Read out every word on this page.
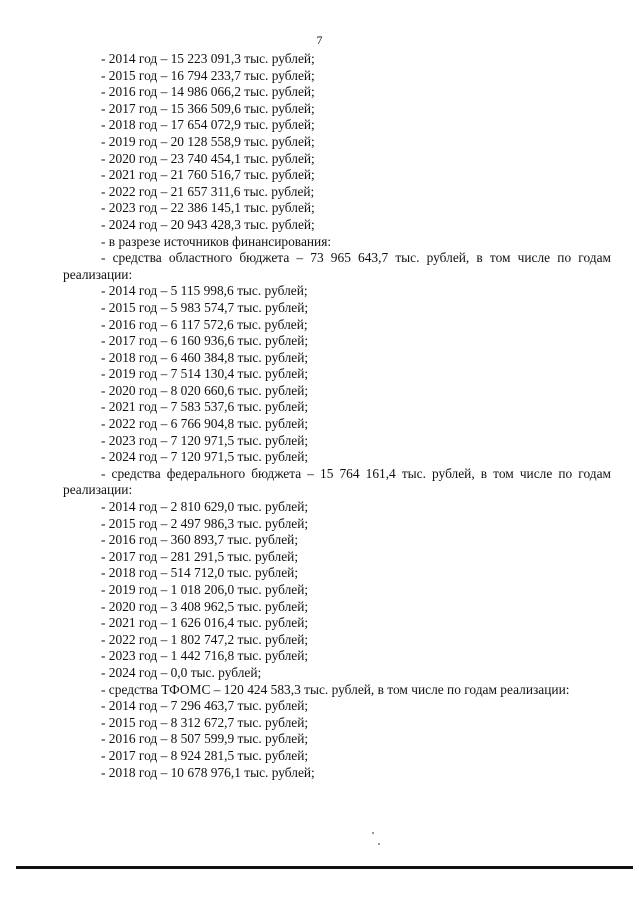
7
- 2014 год – 15 223 091,3 тыс. рублей;
- 2015 год – 16 794 233,7 тыс. рублей;
- 2016 год – 14 986 066,2 тыс. рублей;
- 2017 год – 15 366 509,6 тыс. рублей;
- 2018 год – 17 654 072,9 тыс. рублей;
- 2019 год – 20 128 558,9 тыс. рублей;
- 2020 год – 23 740 454,1 тыс. рублей;
- 2021 год – 21 760 516,7 тыс. рублей;
- 2022 год – 21 657 311,6 тыс. рублей;
- 2023 год – 22 386 145,1 тыс. рублей;
- 2024 год – 20 943 428,3 тыс. рублей;
- в разрезе источников финансирования:
- средства областного бюджета – 73 965 643,7 тыс. рублей, в том числе по годам реализации:
- 2014 год – 5 115 998,6 тыс. рублей;
- 2015 год – 5 983 574,7 тыс. рублей;
- 2016 год – 6 117 572,6 тыс. рублей;
- 2017 год – 6 160 936,6 тыс. рублей;
- 2018 год – 6 460 384,8 тыс. рублей;
- 2019 год – 7 514 130,4 тыс. рублей;
- 2020 год – 8 020 660,6 тыс. рублей;
- 2021 год – 7 583 537,6 тыс. рублей;
- 2022 год – 6 766 904,8 тыс. рублей;
- 2023 год – 7 120 971,5 тыс. рублей;
- 2024 год – 7 120 971,5 тыс. рублей;
- средства федерального бюджета – 15 764 161,4 тыс. рублей, в том числе по годам реализации:
- 2014 год – 2 810 629,0 тыс. рублей;
- 2015 год – 2 497 986,3 тыс. рублей;
- 2016 год – 360 893,7 тыс. рублей;
- 2017 год – 281 291,5 тыс. рублей;
- 2018 год – 514 712,0 тыс. рублей;
- 2019 год – 1 018 206,0 тыс. рублей;
- 2020 год – 3 408 962,5 тыс. рублей;
- 2021 год – 1 626 016,4 тыс. рублей;
- 2022 год – 1 802 747,2 тыс. рублей;
- 2023 год – 1 442 716,8 тыс. рублей;
- 2024 год – 0,0 тыс. рублей;
- средства ТФОМС – 120 424 583,3 тыс. рублей, в том числе по годам реализации:
- 2014 год – 7 296 463,7 тыс. рублей;
- 2015 год – 8 312 672,7 тыс. рублей;
- 2016 год – 8 507 599,9 тыс. рублей;
- 2017 год – 8 924 281,5 тыс. рублей;
- 2018 год – 10 678 976,1 тыс. рублей;
